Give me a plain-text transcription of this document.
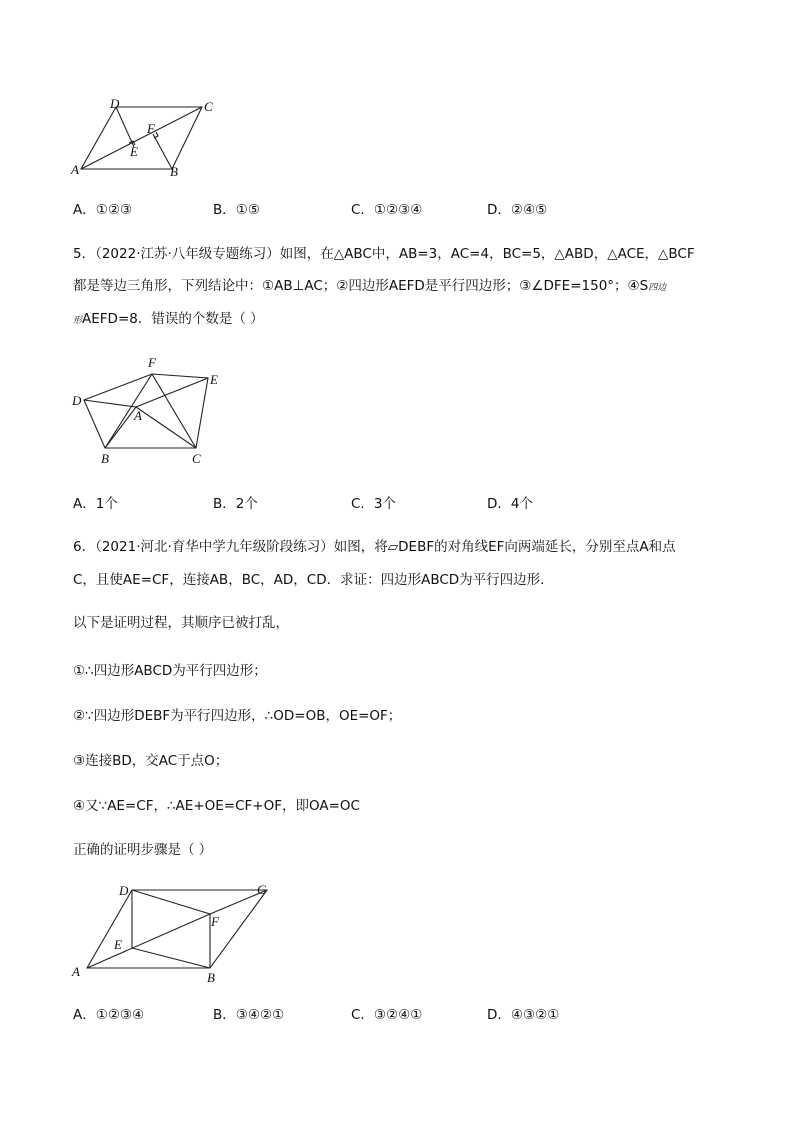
A	B
C
D
E
F
A．①②③	B．①⑤	C．①②③④	D．②④⑤
5．（2022·江苏·八年级专题练习）如图，在△ABC中，AB=3，AC=4，BC=5，△ABD，△ACE，△BCF
都是等边三角形，下列结论中：①AB⊥AC；②四边形AEFD是平行四边形；③∠DFE=150°；④S四边
形AEFD=8．错误的个数是（ ）
D
F
E
A
B	C
A．1个	B．2个	C．3个	D．4个
6．（2021·河北·育华中学九年级阶段练习）如图，将▱DEBF的对角线EF向两端延长，分别至点A和点
C，且使AE=CF，连接AB，BC，AD，CD．求证：四边形ABCD为平行四边形．
以下是证明过程，其顺序已被打乱，
①∴四边形ABCD为平行四边形；
②∵四边形DEBF为平行四边形，∴OD=OB，OE=OF；
③连接BD，交AC于点O；
④又∵AE=CF，∴AE+OE=CF+OF，即OA=OC
正确的证明步骤是（ ）
A	B
C
D
E
F
A．①②③④	B．③④②①	C．③②④①	D．④③②①
